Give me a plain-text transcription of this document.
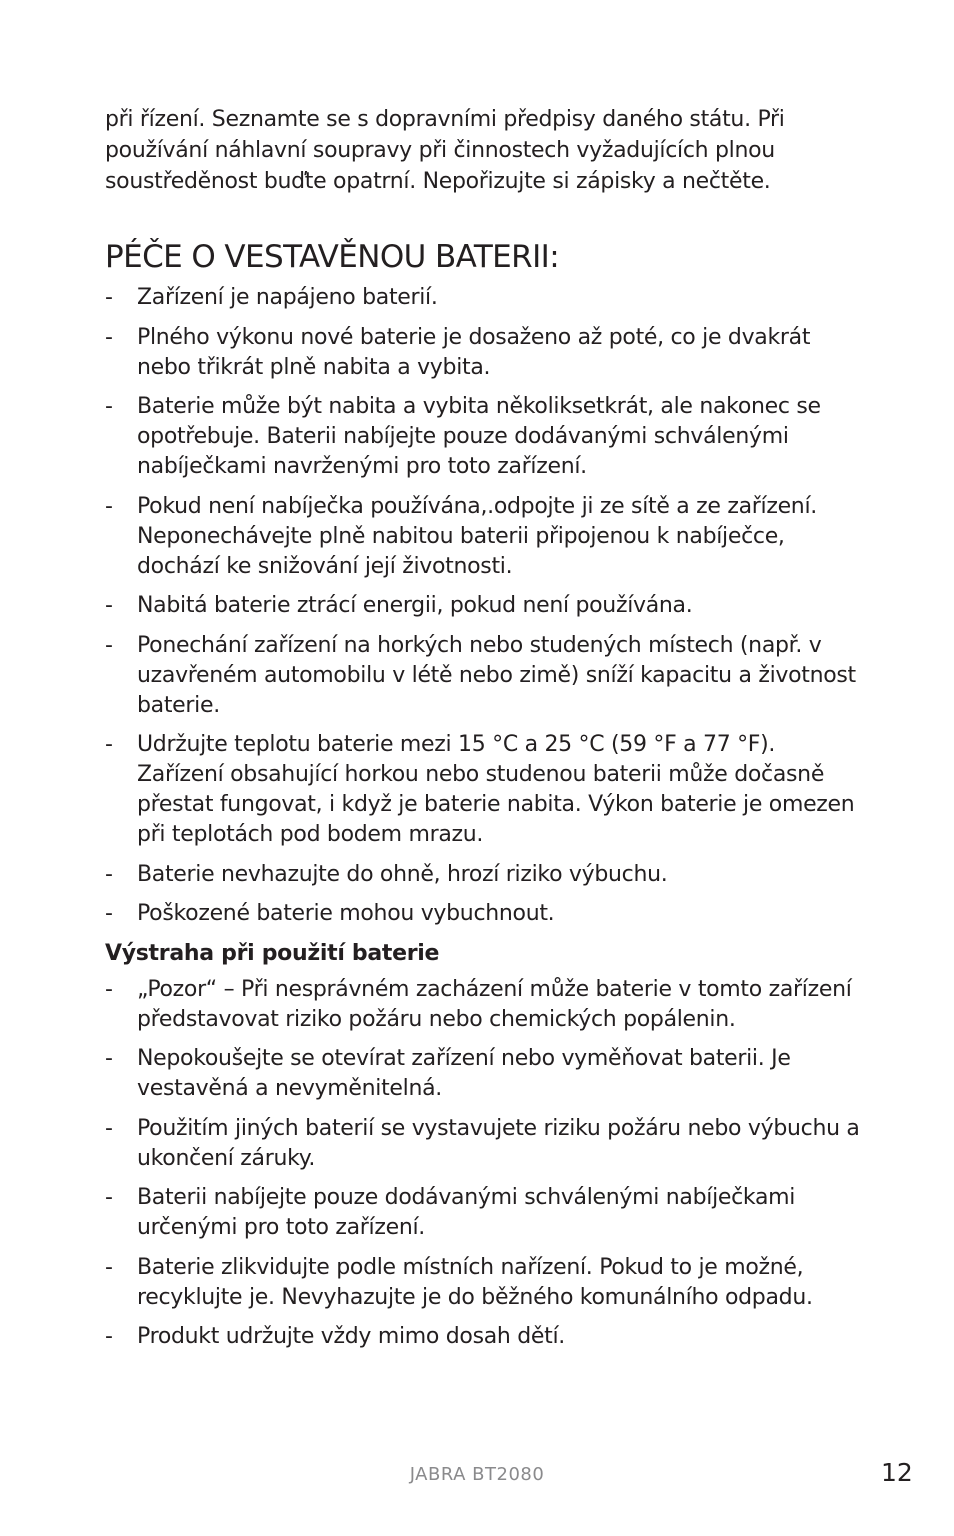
při řízení. Seznamte se s dopravními předpisy daného státu. Při používání náhlavní soupravy při činnostech vyžadujících plnou soustředěnost buďte opatrní. Nepořizujte si zápisky a nečtěte.

PÉČE O VESTAVĚNOU BATERII:
-	Zařízení je napájeno baterií.
-	Plného výkonu nové baterie je dosaženo až poté, co je dvakrát nebo třikrát plně nabita a vybita.
-	Baterie může být nabita a vybita několiksetkrát, ale nakonec se opotřebuje. Baterii nabíjejte pouze dodávanými schválenými nabíječkami navrženými pro toto zařízení.
-	Pokud není nabíječka používána,.odpojte ji ze sítě a ze zařízení. Neponechávejte plně nabitou baterii připojenou k nabíječce, dochází ke snižování její životnosti.
-	Nabitá baterie ztrácí energii, pokud není používána.
-	Ponechání zařízení na horkých nebo studených místech (např. v uzavřeném automobilu v létě nebo zimě) sníží kapacitu a životnost baterie.
-	Udržujte teplotu baterie mezi 15 °C a 25 °C (59 °F a 77 °F). Zařízení obsahující horkou nebo studenou baterii může dočasně přestat fungovat, i když je baterie nabita. Výkon baterie je omezen při teplotách pod bodem mrazu.
-	Baterie nevhazujte do ohně, hrozí riziko výbuchu.
-	Poškozené baterie mohou vybuchnout.
Výstraha při použití baterie
-	„Pozor“ – Při nesprávném zacházení může baterie v tomto zařízení představovat riziko požáru nebo chemických popálenin.
-	Nepokoušejte se otevírat zařízení nebo vyměňovat baterii. Je vestavěná a nevyměnitelná.
-	Použitím jiných baterií se vystavujete riziku požáru nebo výbuchu a ukončení záruky.
-	Baterii nabíjejte pouze dodávanými schválenými nabíječkami určenými pro toto zařízení.
-	Baterie zlikvidujte podle místních nařízení. Pokud to je možné, recyklujte je. Nevyhazujte je do běžného komunálního odpadu.
-	Produkt udržujte vždy mimo dosah dětí.
JABRA BT2080	12
